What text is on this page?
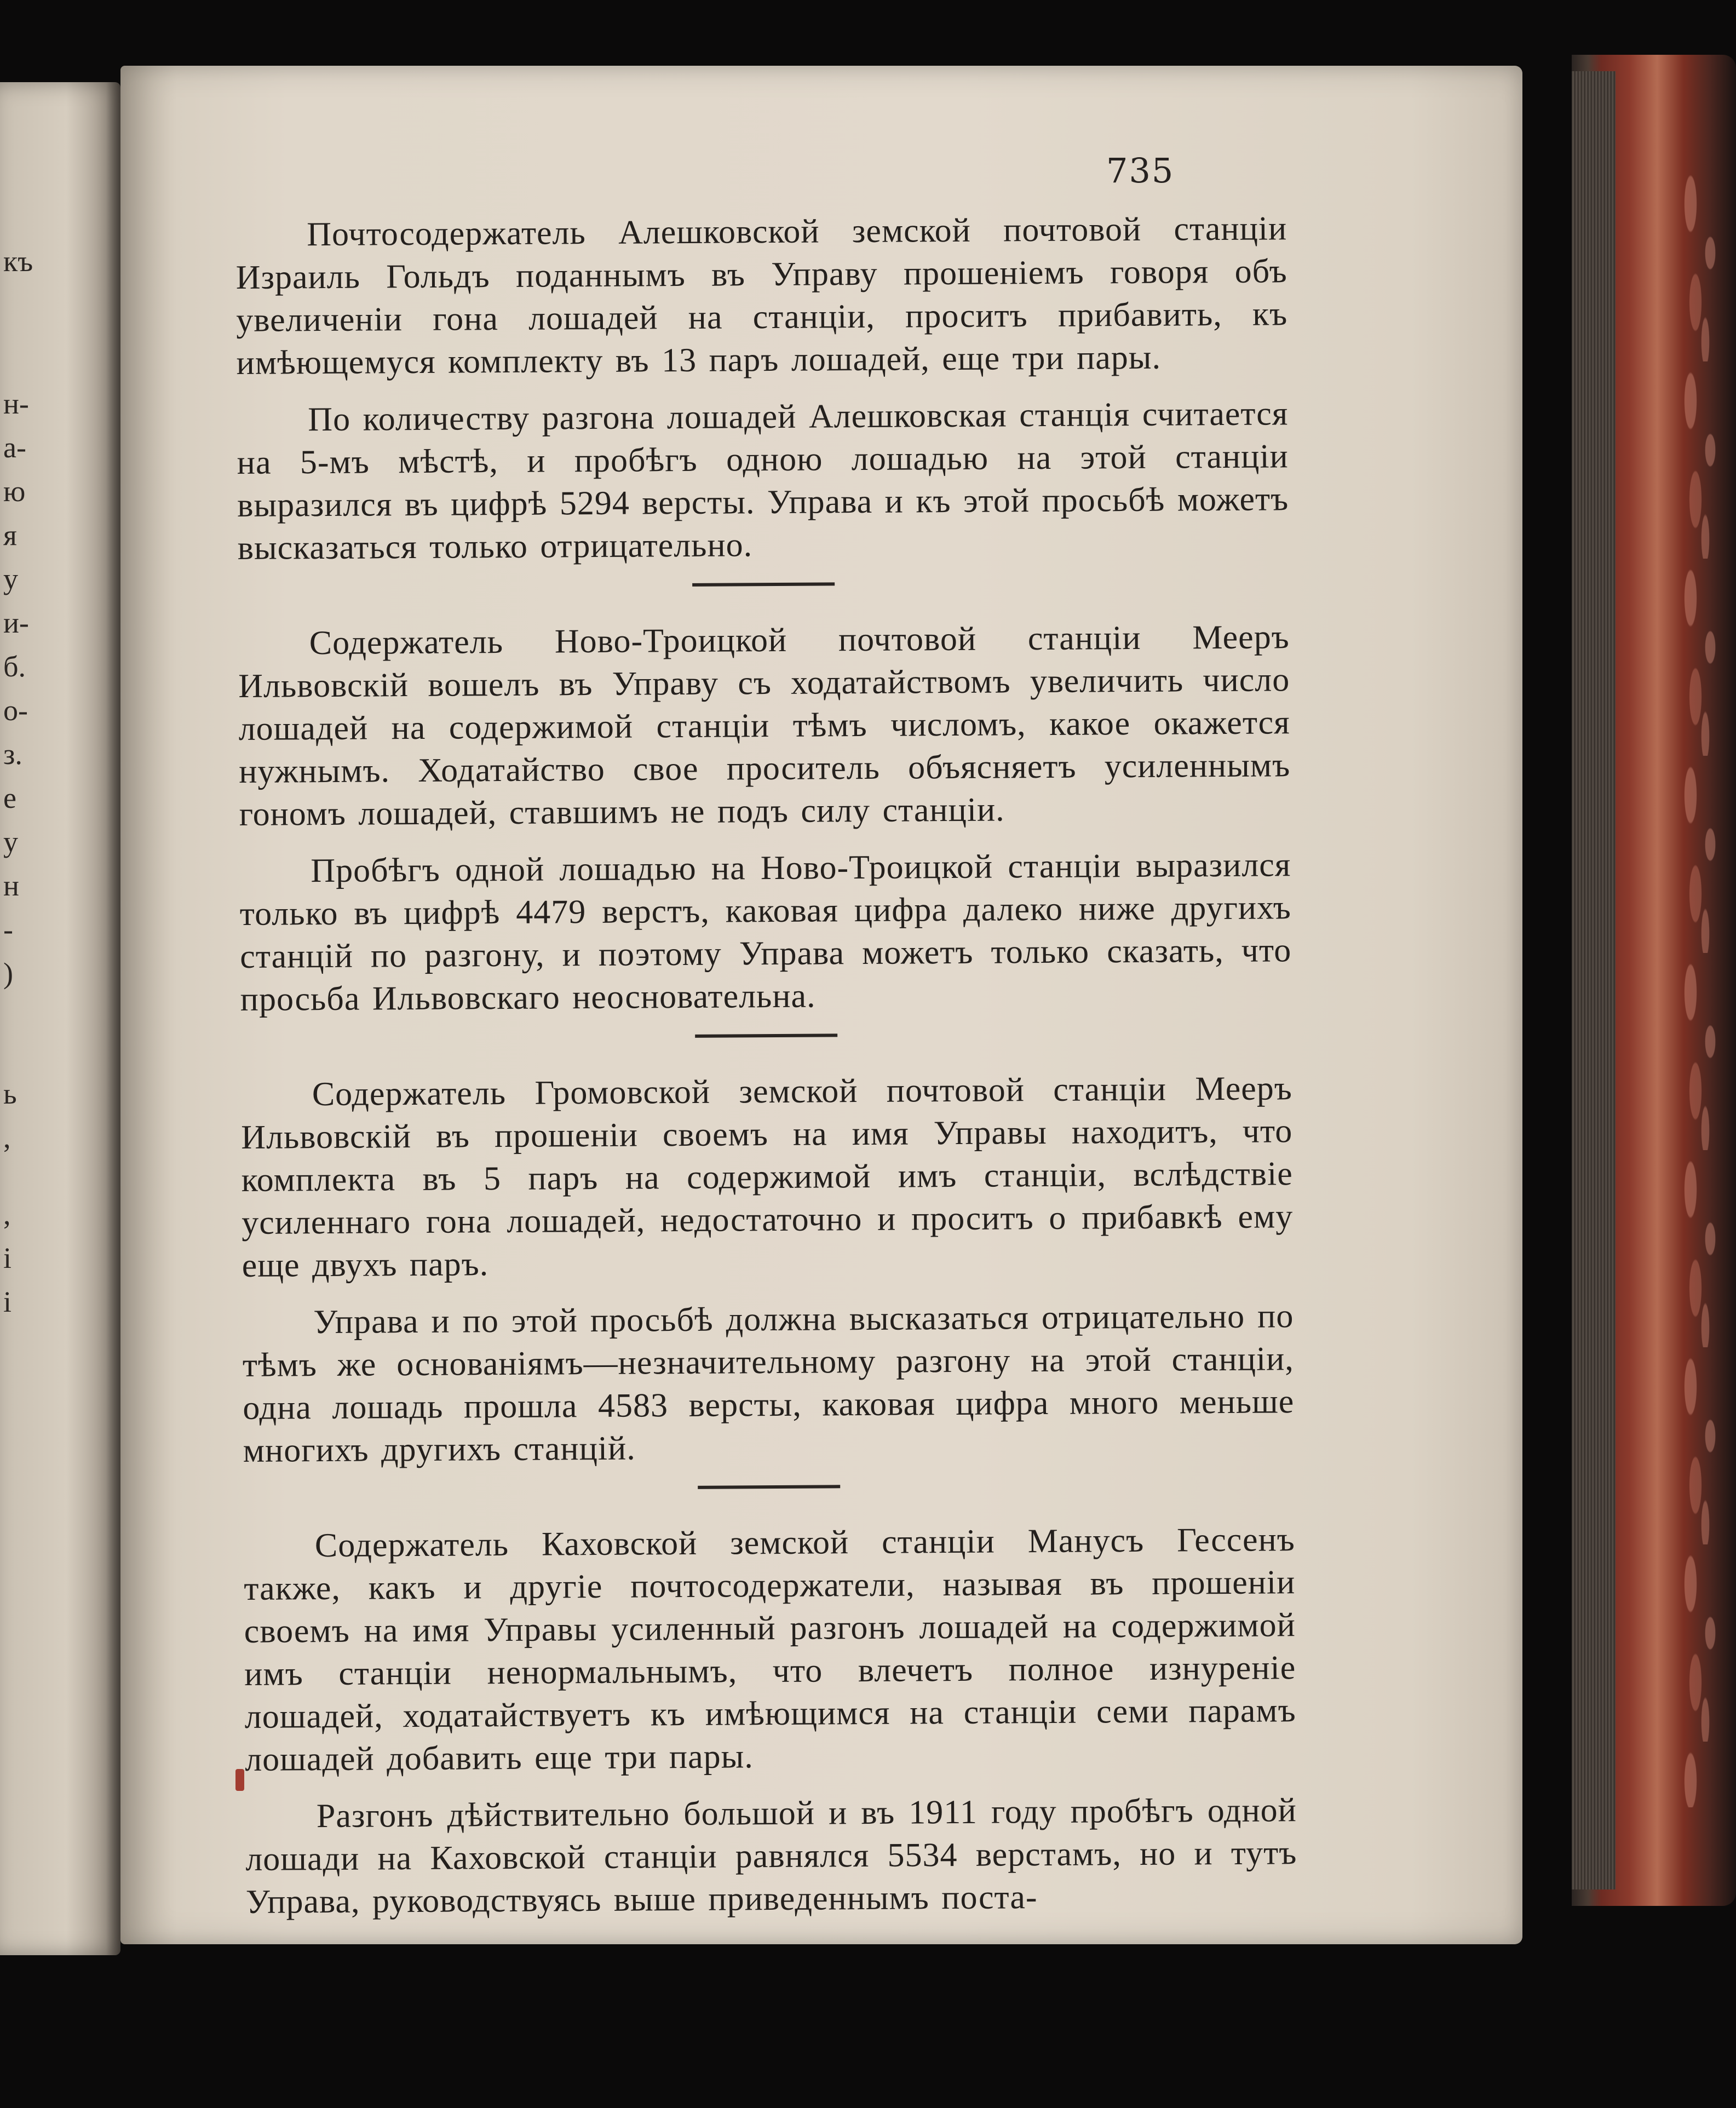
къ
н-
а-
ю
я
у
и-
б.
о-
з.
е
у
н
-
)
ь
,
,
і
і
735

Почтосодержатель Алешковской земской почтовой станціи Израиль Гольдъ поданнымъ въ Управу прошеніемъ говоря объ увеличеніи гона лошадей на станціи, проситъ прибавить, къ имѣющемуся комплекту въ 13 паръ лошадей, еще три пары.

По количеству разгона лошадей Алешковская станція считается на 5-мъ мѣстѣ, и пробѣгъ одною лошадью на этой станціи выразился въ цифрѣ 5294 версты. Управа и къ этой просьбѣ можетъ высказаться только отрицательно.

Содержатель Ново-Троицкой почтовой станціи Мееръ Ильвовскій вошелъ въ Управу съ ходатайствомъ увеличить число лошадей на содержимой станціи тѣмъ числомъ, какое окажется нужнымъ. Ходатайство свое проситель объясняетъ усиленнымъ гономъ лошадей, ставшимъ не подъ силу станціи.

Пробѣгъ одной лошадью на Ново-Троицкой станціи выразился только въ цифрѣ 4479 верстъ, каковая цифра далеко ниже другихъ станцій по разгону, и поэтому Управа можетъ только сказать, что просьба Ильвовскаго неосновательна.

Содержатель Громовской земской почтовой станціи Мееръ Ильвовскій въ прошеніи своемъ на имя Управы находитъ, что комплекта въ 5 паръ на содержимой имъ станціи, вслѣдствіе усиленнаго гона лошадей, недостаточно и проситъ о прибавкѣ ему еще двухъ паръ.

Управа и по этой просьбѣ должна высказаться отрицательно по тѣмъ же основаніямъ—незначительному разгону на этой станціи, одна лошадь прошла 4583 версты, каковая цифра много меньше многихъ другихъ станцій.

Содержатель Каховской земской станціи Манусъ Гессенъ также, какъ и другіе почтосодержатели, называя въ прошеніи своемъ на имя Управы усиленный разгонъ лошадей на содержимой имъ станціи ненормальнымъ, что влечетъ полное изнуреніе лошадей, ходатайствуетъ къ имѣющимся на станціи семи парамъ лошадей добавить еще три пары.

Разгонъ дѣйствительно большой и въ 1911 году пробѣгъ одной лошади на Каховской станціи равнялся 5534 верстамъ, но и тутъ Управа, руководствуясь выше приведеннымъ поста-
